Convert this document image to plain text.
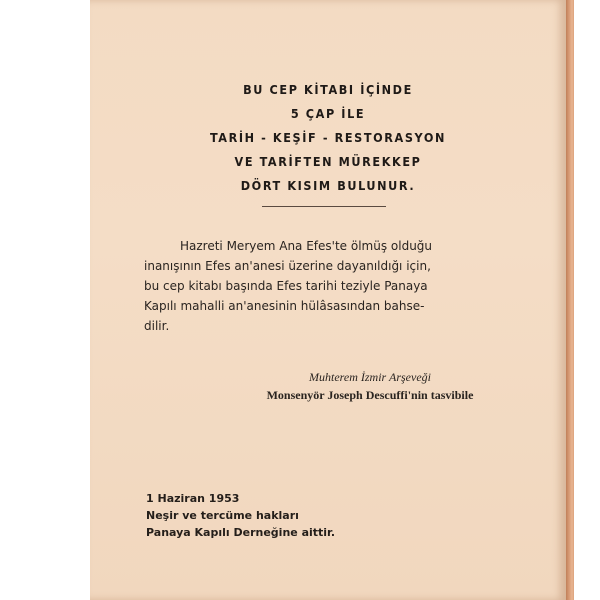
BU CEP KİTABI İÇİNDE
5 ÇAP İLE
TARİH - KEŞİF - RESTORASYON
VE TARİFTEN MÜREKKEP
DÖRT KISIM BULUNUR.
Hazreti Meryem Ana Efes'te ölmüş olduğu
inanışının Efes an'anesi üzerine dayanıldığı için,
bu cep kitabı başında Efes tarihi teziyle Panaya
Kapılı mahalli an'anesinin hülâsasından bahse-
dilir.
Muhterem İzmir Arşeveği
Monsenyör Joseph Descuffi'nin tasvibile
1 Haziran 1953
Neşir ve tercüme hakları
Panaya Kapılı Derneğine aittir.
